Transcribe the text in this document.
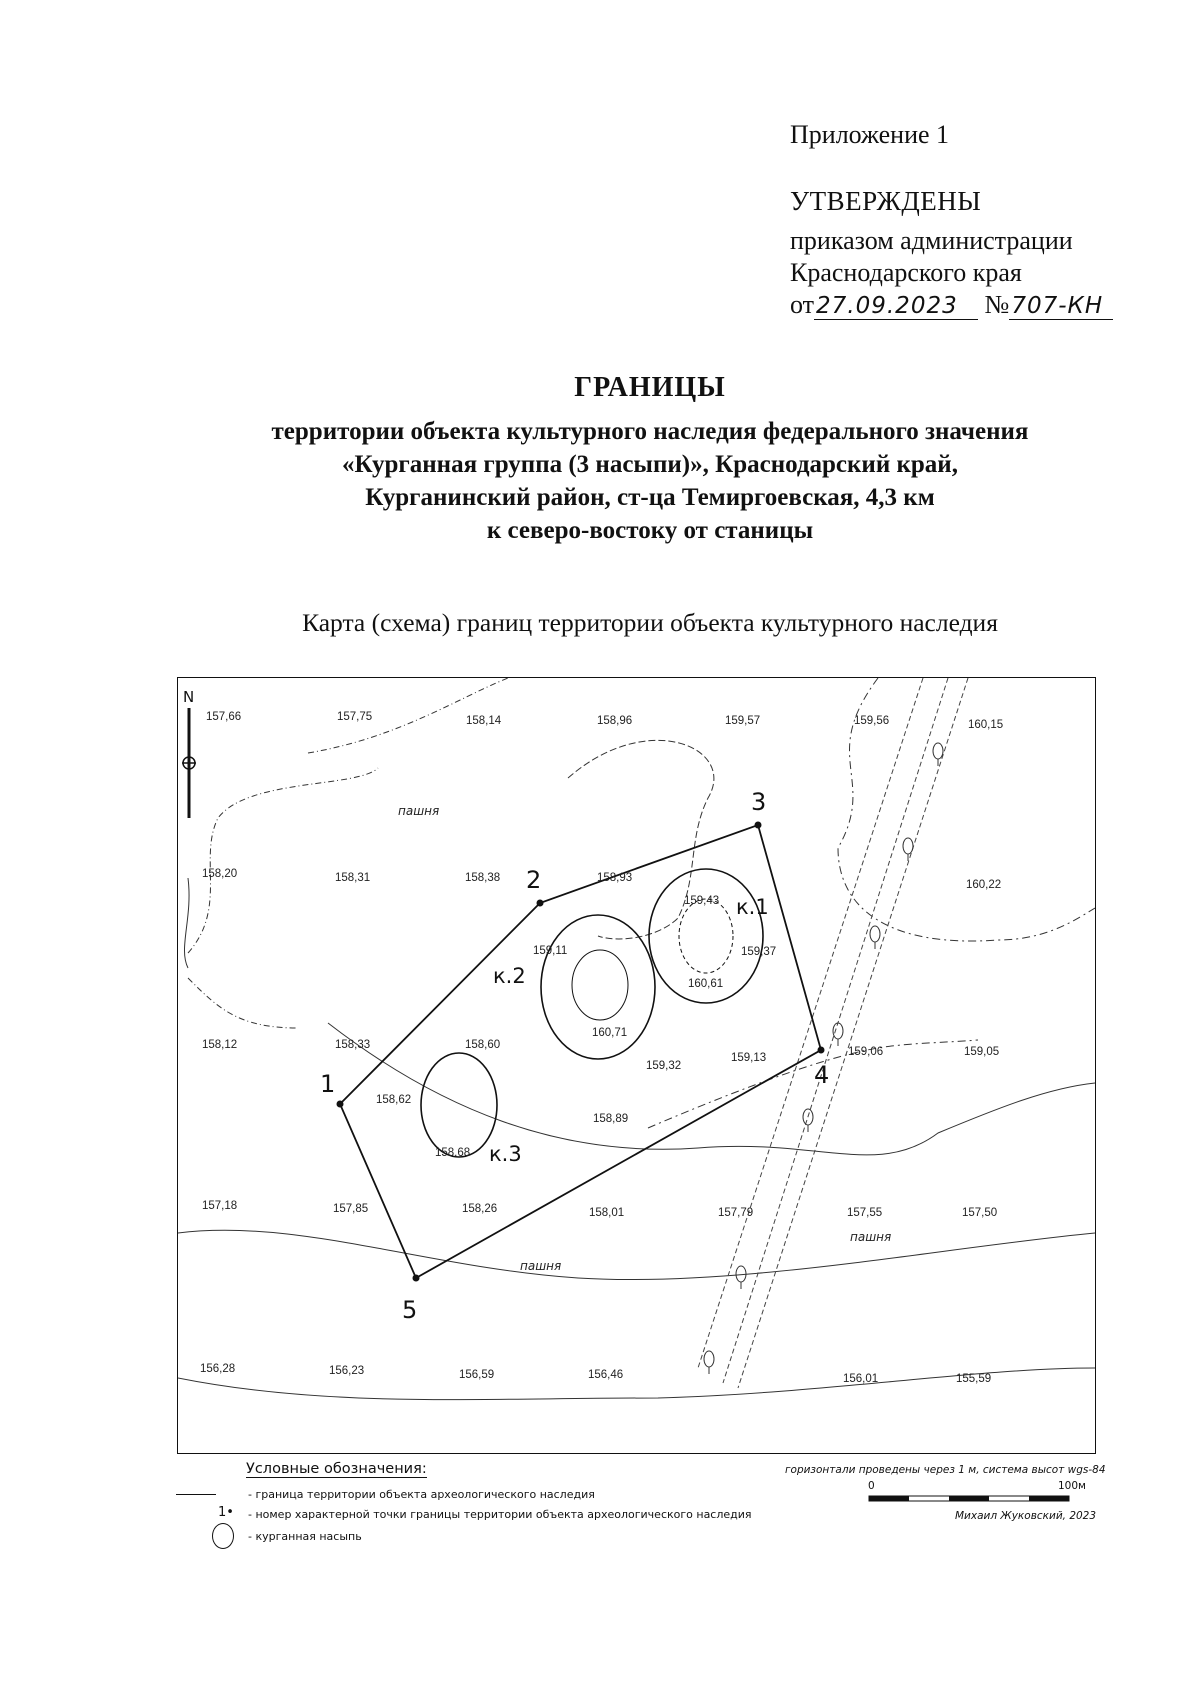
Приложение 1
УТВЕРЖДЕНЫ
приказом администрации
Краснодарского края
от27.09.2023 №707-КН
ГРАНИЦЫ
территории объекта культурного наследия федерального значения
«Курганная группа (3 насыпи)», Краснодарский край,
Курганинский район, ст-ца Темиргоевская, 4,3 км
к северо-востоку от станицы
Карта (схема) границ территории объекта культурного наследия
N
1
2
3
4
5
к.1
к.2
к.3
пашня
пашня
пашня
157,66	157,75	158,14	158,96	159,57	159,56	160,15
158,20	158,31	158,38	158,93
159,43
159,37
160,22
159,11
160,61
160,71
158,12	158,33	158,60
159,32
159,13	159,06	159,05
158,62
158,89
158,68
157,18	157,85	158,26	158,01	157,79	157,55	157,50
156,28	156,23	156,59	156,46	156,01	155,59
Условные обозначения:
- граница территории объекта археологического наследия
1• - номер характерной точки границы территории объекта археологического наследия
- курганная насыпь
горизонтали проведены через 1 м, система высот wgs-84
0	100м
Михаил Жуковский, 2023
